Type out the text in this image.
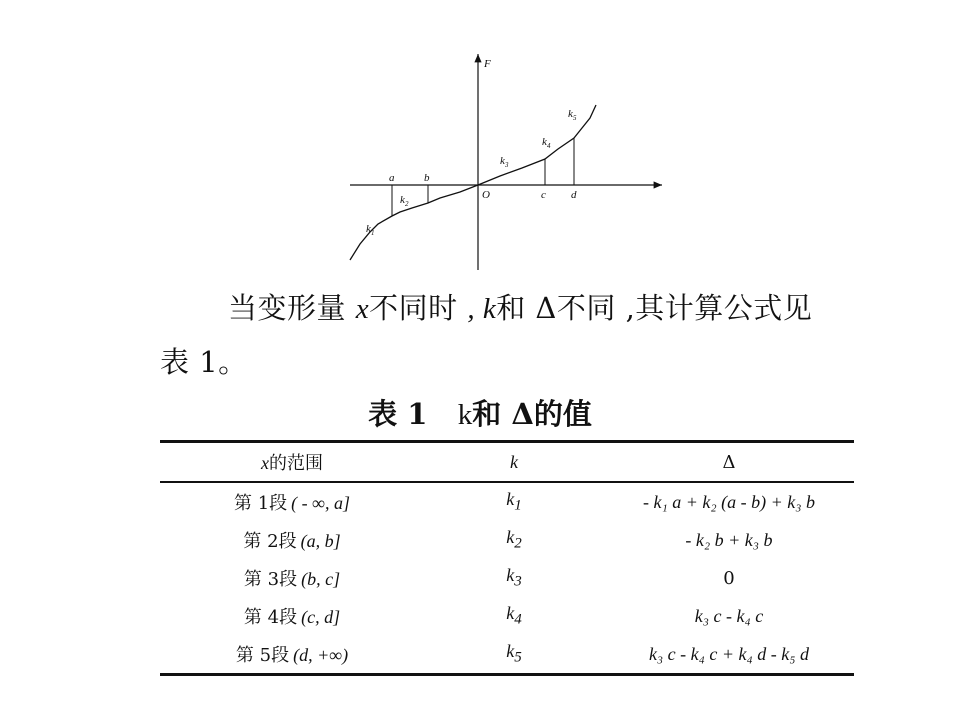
F
O
a	b
c d
k 1
k 2
k 3
k 4
k 5
当变形量 x不同时 , k和 Δ不同 ,其计算公式见
表 1。
表 1 k和 Δ的值
x的范围	k	Δ
第 1段 ( - ∞, a]	$k_1$	- k₁ a + k₂ (a - b) + k₃ b
第 2段 (a, b]	$k_2$	- k₂ b + k₃ b
第 3段 (b, c]	$k_3$	0
第 4段 (c, d]	$k_4$	k₃ c - k₄ c
第 5段 (d, +∞)	$k_5$	k₃ c - k₄ c + k₄ d - k₅ d
